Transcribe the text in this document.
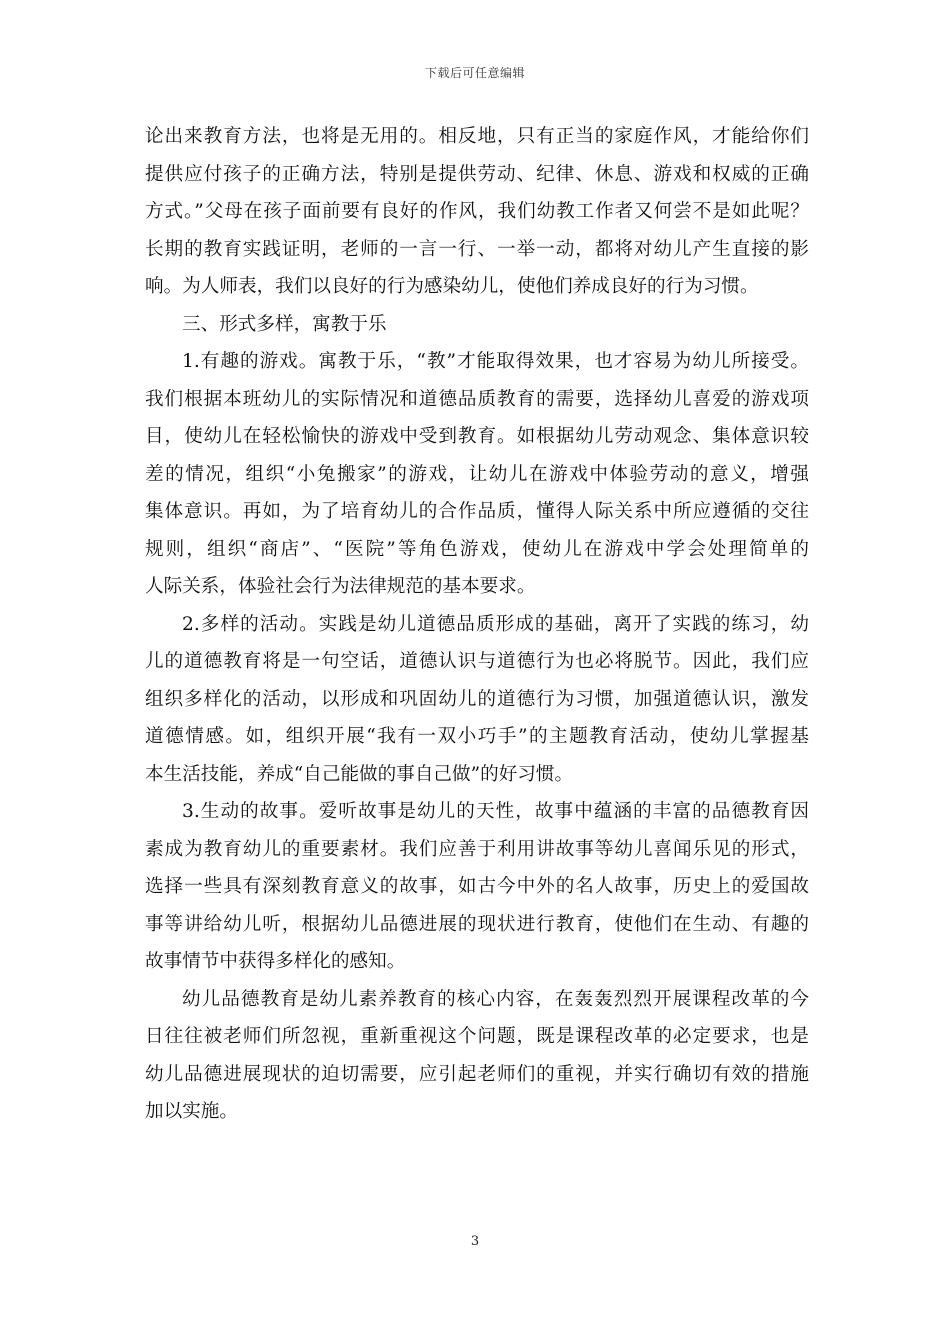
下载后可任意编辑
论出来教育方法，也将是无用的。相反地，只有正当的家庭作风，才能给你们
提供应付孩子的正确方法，特别是提供劳动、纪律、休息、游戏和权威的正确
方式。”父母在孩子面前要有良好的作风，我们幼教工作者又何尝不是如此呢？
长期的教育实践证明，老师的一言一行、一举一动，都将对幼儿产生直接的影
响。为人师表，我们以良好的行为感染幼儿，使他们养成良好的行为习惯。
三、形式多样，寓教于乐
1.有趣的游戏。寓教于乐，“教”才能取得效果，也才容易为幼儿所接受。
我们根据本班幼儿的实际情况和道德品质教育的需要，选择幼儿喜爱的游戏项
目，使幼儿在轻松愉快的游戏中受到教育。如根据幼儿劳动观念、集体意识较
差的情况，组织“小兔搬家”的游戏，让幼儿在游戏中体验劳动的意义，增强
集体意识。再如，为了培育幼儿的合作品质，懂得人际关系中所应遵循的交往
规则，组织“商店”、“医院”等角色游戏，使幼儿在游戏中学会处理简单的
人际关系，体验社会行为法律规范的基本要求。
2.多样的活动。实践是幼儿道德品质形成的基础，离开了实践的练习，幼
儿的道德教育将是一句空话，道德认识与道德行为也必将脱节。因此，我们应
组织多样化的活动，以形成和巩固幼儿的道德行为习惯，加强道德认识，激发
道德情感。如，组织开展“我有一双小巧手”的主题教育活动，使幼儿掌握基
本生活技能，养成“自己能做的事自己做”的好习惯。
3.生动的故事。爱听故事是幼儿的天性，故事中蕴涵的丰富的品德教育因
素成为教育幼儿的重要素材。我们应善于利用讲故事等幼儿喜闻乐见的形式，
选择一些具有深刻教育意义的故事，如古今中外的名人故事，历史上的爱国故
事等讲给幼儿听，根据幼儿品德进展的现状进行教育，使他们在生动、有趣的
故事情节中获得多样化的感知。
幼儿品德教育是幼儿素养教育的核心内容，在轰轰烈烈开展课程改革的今
日往往被老师们所忽视，重新重视这个问题，既是课程改革的必定要求，也是
幼儿品德进展现状的迫切需要，应引起老师们的重视，并实行确切有效的措施
加以实施。
3
